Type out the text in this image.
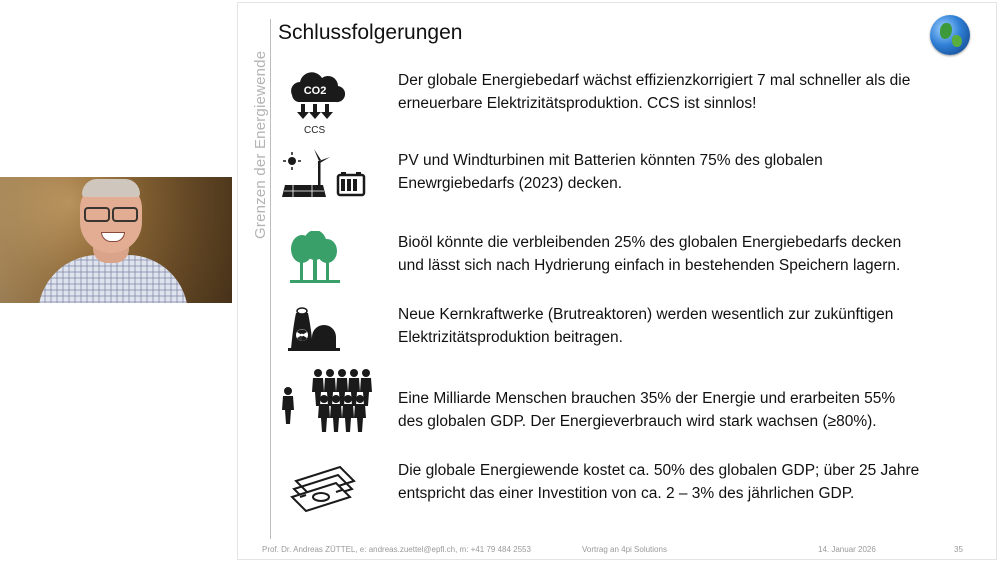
Grenzen der Energiewende
Schlussfolgerungen
CO2
CCS
Der globale Energiebedarf wächst effizienzkorrigiert 7 mal schneller als die
erneuerbare Elektrizitätsproduktion. CCS ist sinnlos!
PV und Windturbinen mit Batterien könnten 75% des globalen
Enewrgiebedarfs (2023) decken.
Bioöl könnte die verbleibenden 25% des globalen Energiebedarfs decken
und lässt sich nach Hydrierung einfach in bestehenden Speichern lagern.
Neue Kernkraftwerke (Brutreaktoren) werden wesentlich zur zukünftigen
Elektrizitätsproduktion beitragen.
Eine Milliarde Menschen brauchen 35% der Energie und erarbeiten 55%
des globalen GDP. Der Energieverbrauch wird stark wachsen (≥80%).
Die globale Energiewende kostet ca. 50% des globalen GDP; über 25 Jahre
entspricht das einer Investition von ca. 2 – 3% des jährlichen GDP.
Prof. Dr. Andreas ZÜTTEL, e: andreas.zuettel@epfl.ch, m: +41 79 484 2553	Vortrag an 4pi Solutions	14. Januar 2026	35
